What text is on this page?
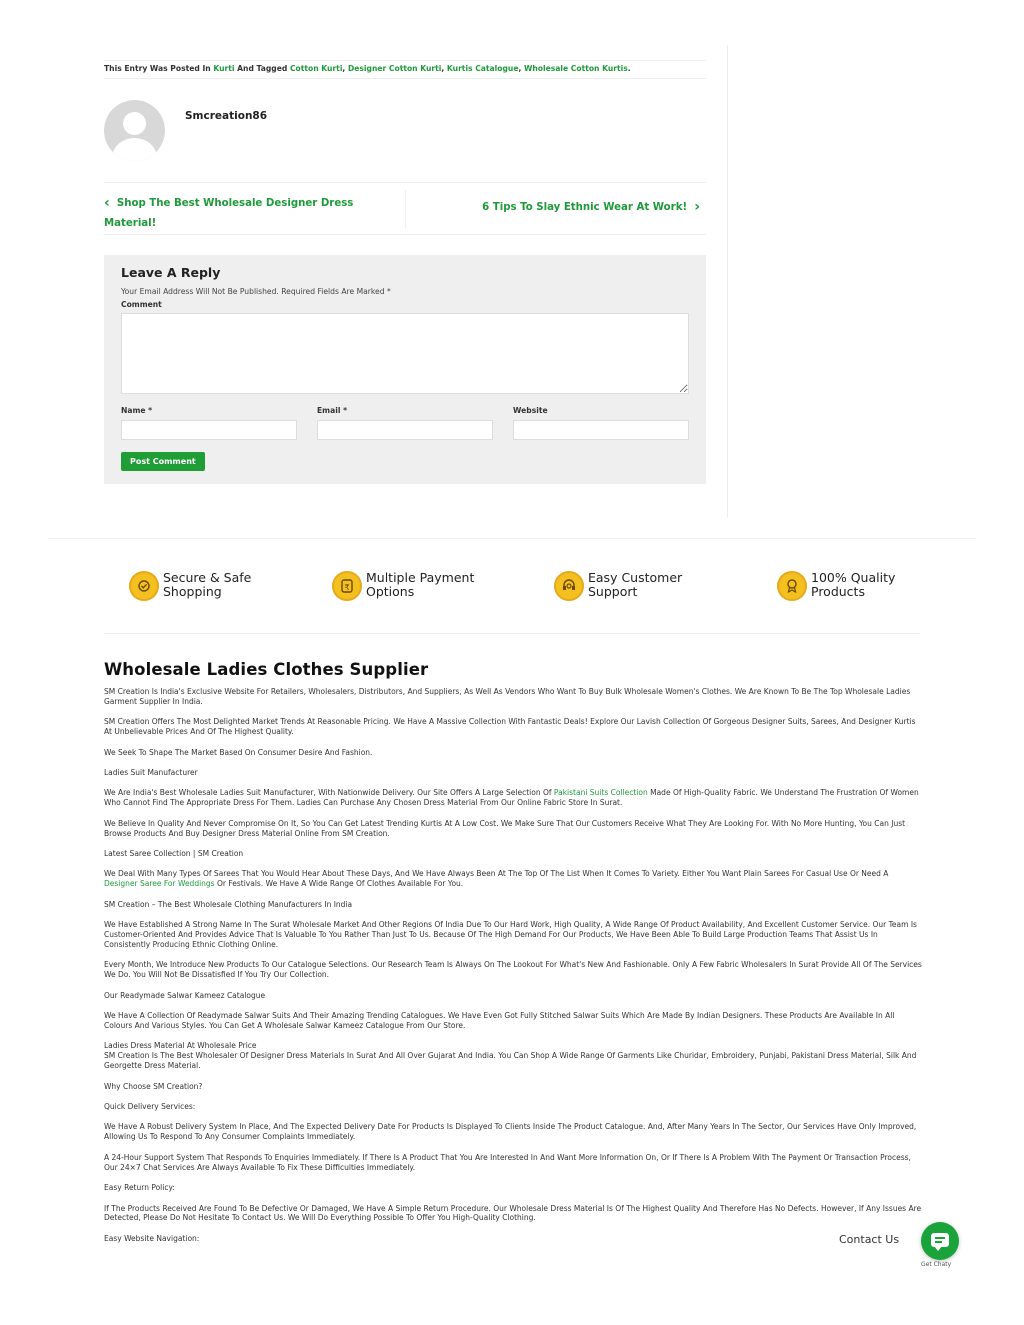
This Entry Was Posted In Kurti And Tagged Cotton Kurti, Designer Cotton Kurti, Kurtis Catalogue, Wholesale Cotton Kurtis.
Smcreation86
‹ Shop The Best Wholesale Designer Dress Material!
6 Tips To Slay Ethnic Wear At Work! ›
Leave A Reply
Your Email Address Will Not Be Published. Required Fields Are Marked *
Comment
Name *	Email *	Website
Post Comment
Secure & Safe
Shopping	₹
Multiple Payment
Options
Easy Customer
Support
100% Quality
Products
Wholesale Ladies Clothes Supplier

SM Creation Is India's Exclusive Website For Retailers, Wholesalers, Distributors, And Suppliers, As Well As Vendors Who Want To Buy Bulk Wholesale Women's Clothes. We Are Known To Be The Top Wholesale Ladies Garment Supplier In India.

SM Creation Offers The Most Delighted Market Trends At Reasonable Pricing. We Have A Massive Collection With Fantastic Deals! Explore Our Lavish Collection Of Gorgeous Designer Suits, Sarees, And Designer Kurtis At Unbelievable Prices And Of The Highest Quality.

We Seek To Shape The Market Based On Consumer Desire And Fashion.

Ladies Suit Manufacturer

We Are India's Best Wholesale Ladies Suit Manufacturer, With Nationwide Delivery. Our Site Offers A Large Selection Of Pakistani Suits Collection Made Of High-Quality Fabric. We Understand The Frustration Of Women Who Cannot Find The Appropriate Dress For Them. Ladies Can Purchase Any Chosen Dress Material From Our Online Fabric Store In Surat.

We Believe In Quality And Never Compromise On It, So You Can Get Latest Trending Kurtis At A Low Cost. We Make Sure That Our Customers Receive What They Are Looking For. With No More Hunting, You Can Just Browse Products And Buy Designer Dress Material Online From SM Creation.

Latest Saree Collection | SM Creation

We Deal With Many Types Of Sarees That You Would Hear About These Days, And We Have Always Been At The Top Of The List When It Comes To Variety. Either You Want Plain Sarees For Casual Use Or Need A Designer Saree For Weddings Or Festivals. We Have A Wide Range Of Clothes Available For You.

SM Creation – The Best Wholesale Clothing Manufacturers In India

We Have Established A Strong Name In The Surat Wholesale Market And Other Regions Of India Due To Our Hard Work, High Quality, A Wide Range Of Product Availability, And Excellent Customer Service. Our Team Is Customer-Oriented And Provides Advice That Is Valuable To You Rather Than Just To Us. Because Of The High Demand For Our Products, We Have Been Able To Build Large Production Teams That Assist Us In Consistently Producing Ethnic Clothing Online.

Every Month, We Introduce New Products To Our Catalogue Selections. Our Research Team Is Always On The Lookout For What's New And Fashionable. Only A Few Fabric Wholesalers In Surat Provide All Of The Services We Do. You Will Not Be Dissatisfied If You Try Our Collection.

Our Readymade Salwar Kameez Catalogue

We Have A Collection Of Readymade Salwar Suits And Their Amazing Trending Catalogues. We Have Even Got Fully Stitched Salwar Suits Which Are Made By Indian Designers. These Products Are Available In All Colours And Various Styles. You Can Get A Wholesale Salwar Kameez Catalogue From Our Store.

Ladies Dress Material At Wholesale Price

SM Creation Is The Best Wholesaler Of Designer Dress Materials In Surat And All Over Gujarat And India. You Can Shop A Wide Range Of Garments Like Churidar, Embroidery, Punjabi, Pakistani Dress Material, Silk And Georgette Dress Material.

Why Choose SM Creation?

Quick Delivery Services:

We Have A Robust Delivery System In Place, And The Expected Delivery Date For Products Is Displayed To Clients Inside The Product Catalogue. And, After Many Years In The Sector, Our Services Have Only Improved, Allowing Us To Respond To Any Consumer Complaints Immediately.

A 24-Hour Support System That Responds To Enquiries Immediately. If There Is A Product That You Are Interested In And Want More Information On, Or If There Is A Problem With The Payment Or Transaction Process, Our 24×7 Chat Services Are Always Available To Fix These Difficulties Immediately.

Easy Return Policy:

If The Products Received Are Found To Be Defective Or Damaged, We Have A Simple Return Procedure. Our Wholesale Dress Material Is Of The Highest Quality And Therefore Has No Defects. However, If Any Issues Are Detected, Please Do Not Hesitate To Contact Us. We Will Do Everything Possible To Offer You High-Quality Clothing.

Easy Website Navigation:	Contact Us
Get Chaty
